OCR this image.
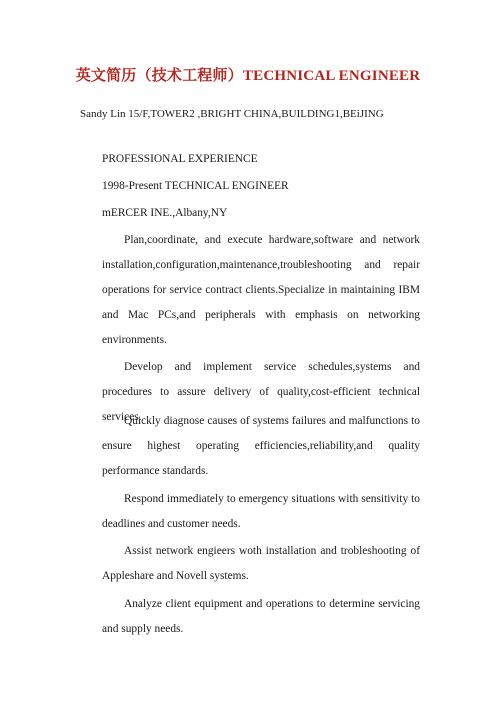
英文简历（技术工程师）TECHNICAL ENGINEER
Sandy Lin 15/F,TOWER2 ,BRIGHT CHINA,BUILDING1,BEiJING
PROFESSIONAL EXPERIENCE
1998-Present TECHNICAL ENGINEER
mERCER INE.,Albany,NY

Plan,coordinate, and execute hardware,software and network installation,configuration,maintenance,troubleshooting and repair operations for service contract clients.Specialize in maintaining IBM and Mac PCs,and peripherals with emphasis on networking environments.

Develop and implement service schedules,systems and procedures to assure delivery of quality,cost-efficient technical services.

Quickly diagnose causes of systems failures and malfunctions to ensure highest operating efficiencies,reliability,and quality performance standards.

Respond immediately to emergency situations with sensitivity to deadlines and customer needs.

Assist network engieers woth installation and trobleshooting of Appleshare and Novell systems.

Analyze client equipment and operations to determine servicing and supply needs.
